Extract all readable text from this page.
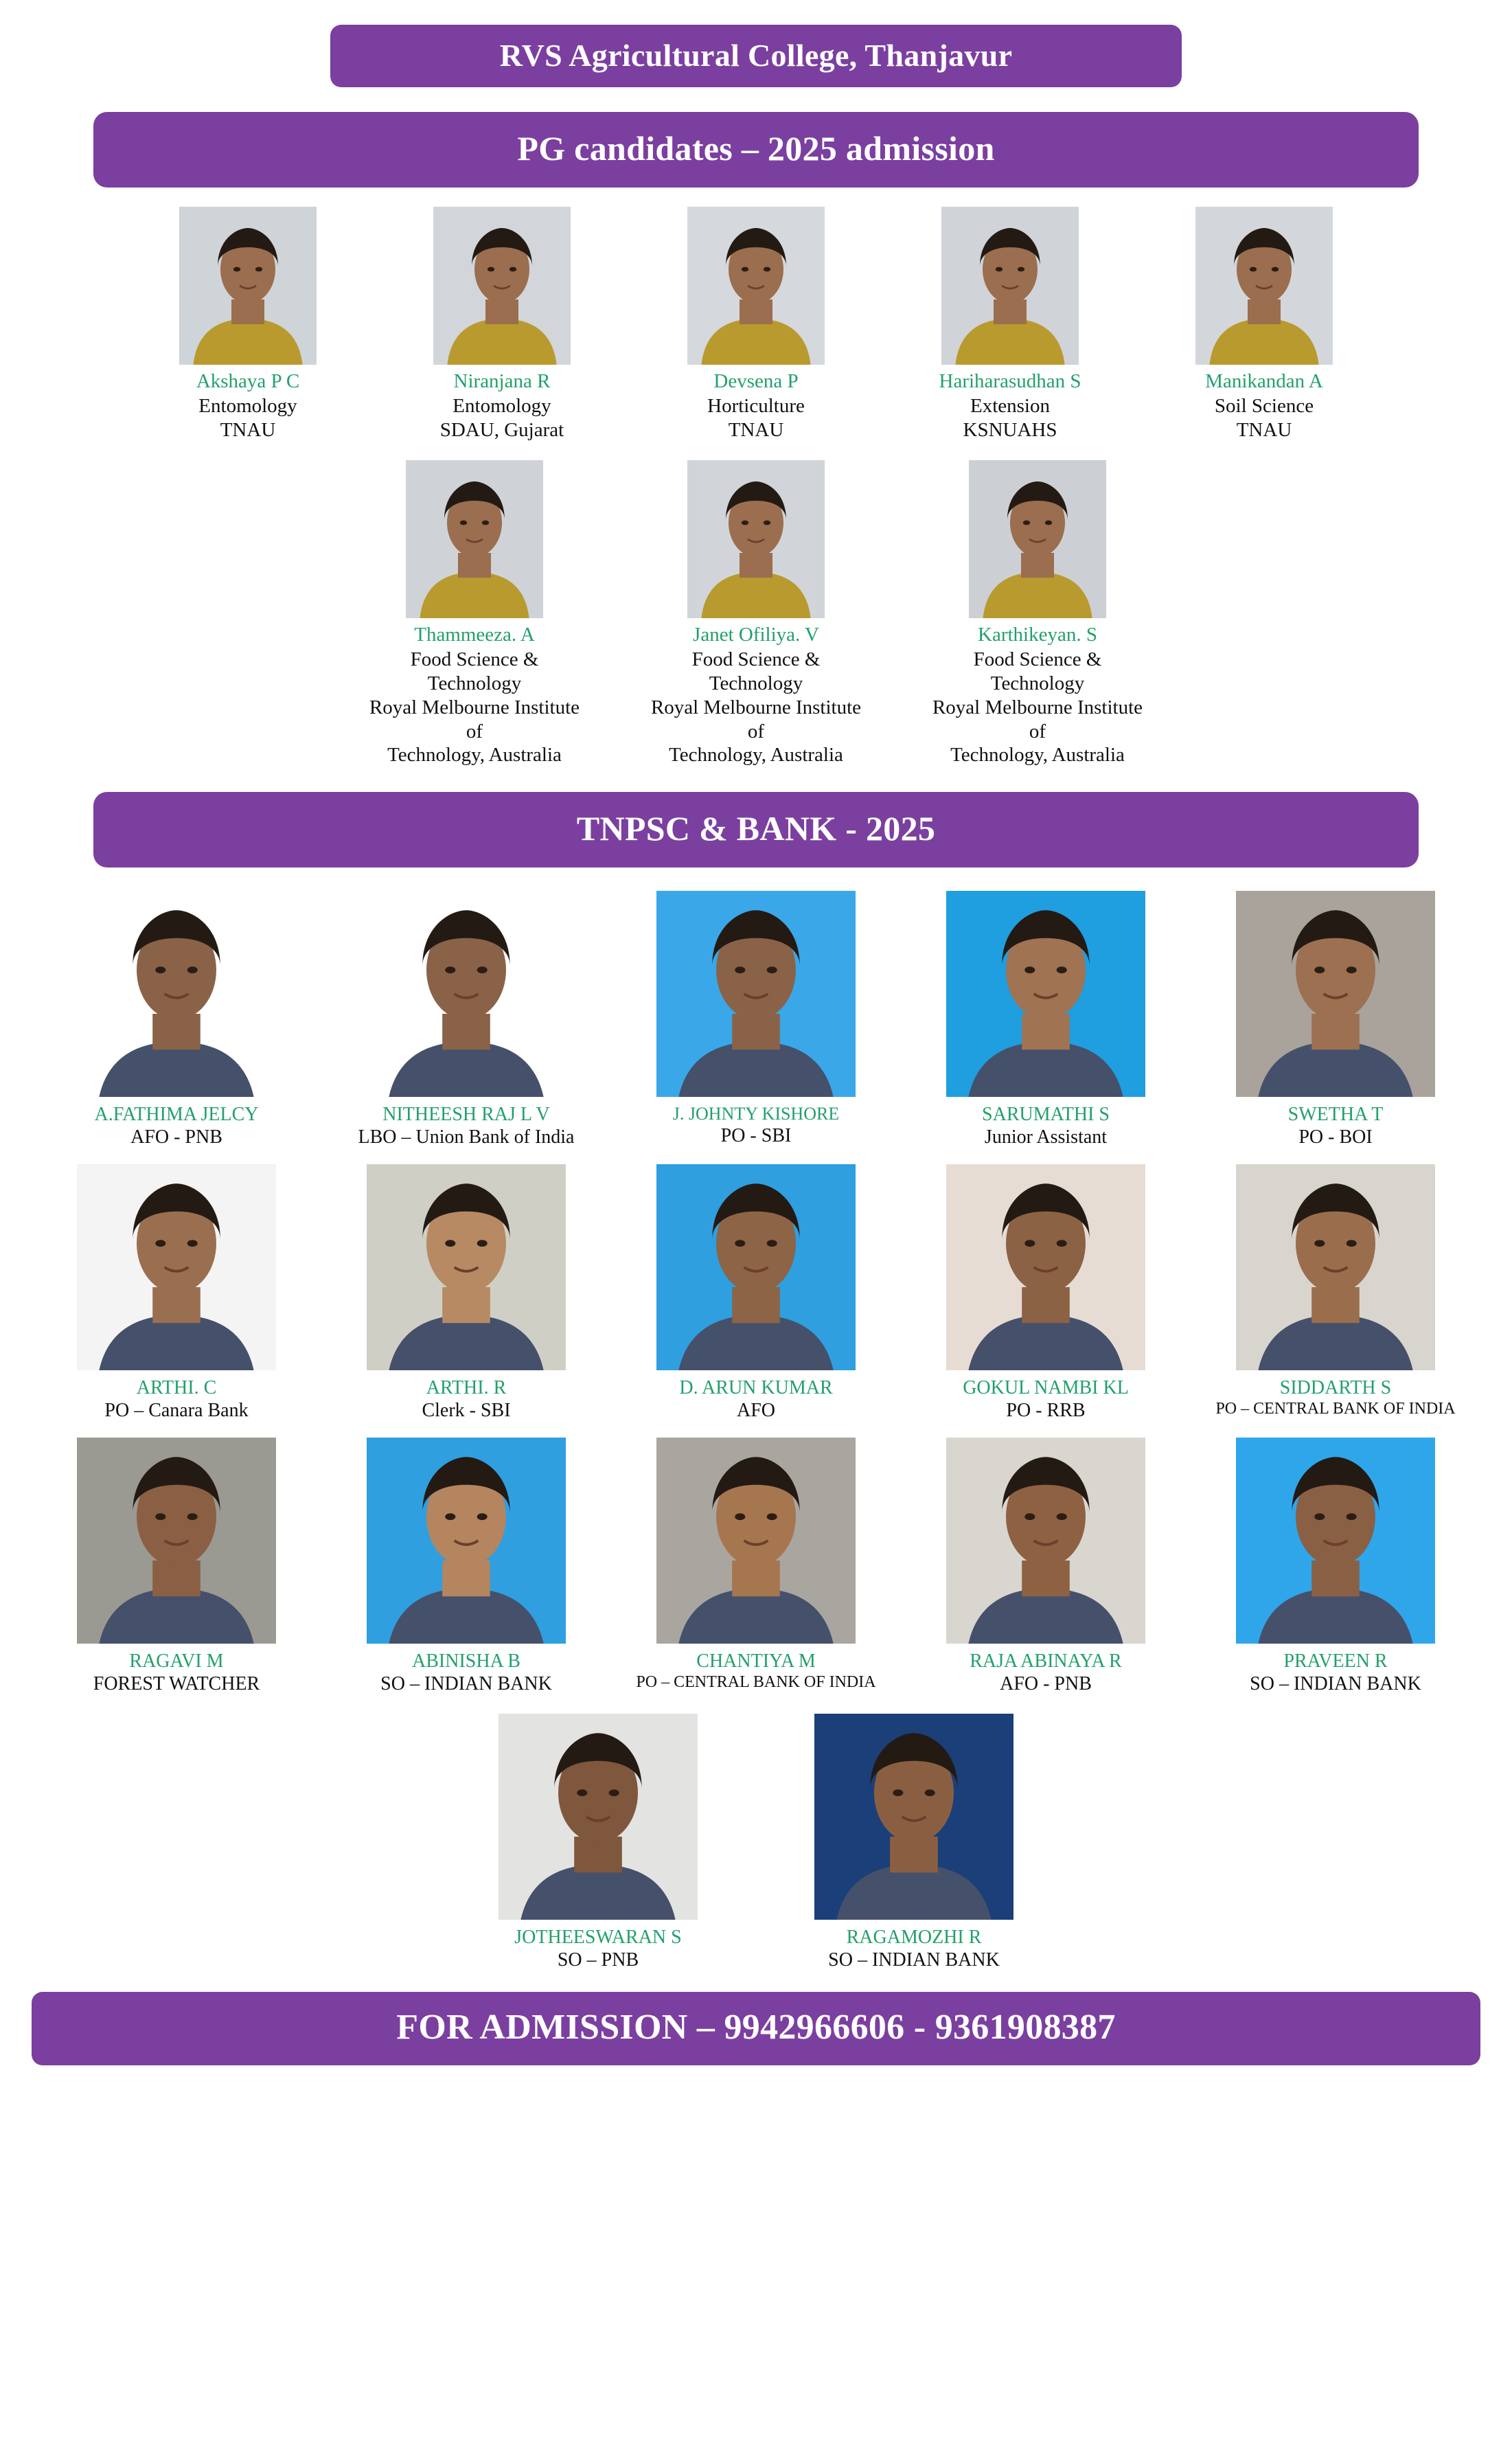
RVS Agricultural College, Thanjavur
PG candidates – 2025 admission
Akshaya P C
Entomology
TNAU
Niranjana R
Entomology
SDAU, Gujarat
Devsena P
Horticulture
TNAU
Hariharasudhan S
Extension
KSNUAHS
Manikandan A
Soil Science
TNAU
Thammeeza. A
Food Science & Technology
Royal Melbourne Institute of
Technology, Australia
Janet Ofiliya. V
Food Science & Technology
Royal Melbourne Institute of
Technology, Australia
Karthikeyan. S
Food Science & Technology
Royal Melbourne Institute of
Technology, Australia
TNPSC & BANK - 2025
A.FATHIMA JELCY
AFO - PNB
NITHEESH RAJ L V
LBO – Union Bank of India
J. JOHNTY KISHORE
PO - SBI
SARUMATHI S
Junior Assistant
SWETHA T
PO - BOI
ARTHI. C
PO – Canara Bank
ARTHI. R
Clerk - SBI
D. ARUN KUMAR
AFO
GOKUL NAMBI KL
PO - RRB
SIDDARTH S
PO – CENTRAL BANK OF INDIA
RAGAVI M
FOREST WATCHER
ABINISHA B
SO – INDIAN BANK
CHANTIYA M
PO – CENTRAL BANK OF INDIA
RAJA ABINAYA R
AFO - PNB
PRAVEEN R
SO – INDIAN BANK
JOTHEESWARAN S
SO – PNB
RAGAMOZHI R
SO – INDIAN BANK
FOR ADMISSION – 9942966606 - 9361908387
